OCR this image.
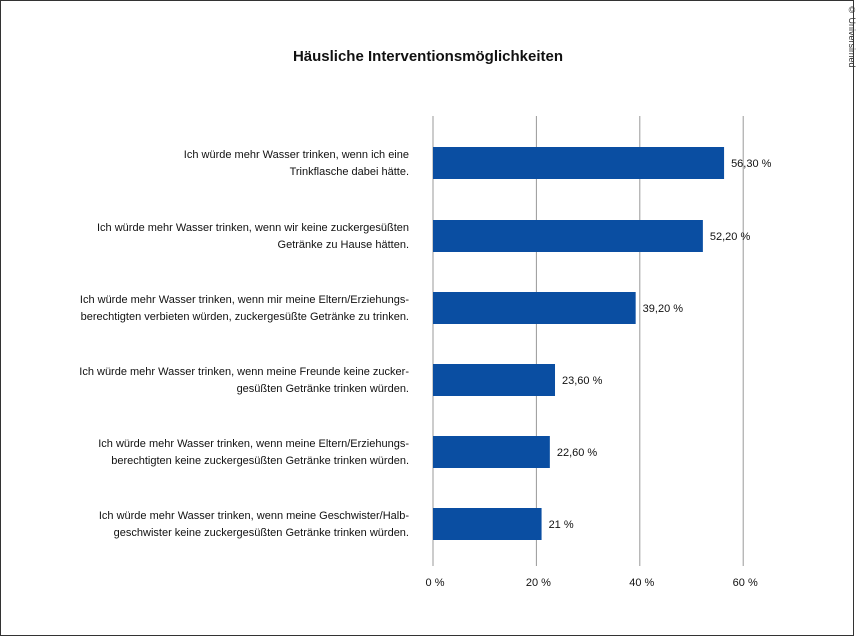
Häusliche Interventionsmöglichkeiten	© Universimed
Ich würde mehr Wasser trinken, wenn ich eine
Trinkflasche dabei hätte.
Ich würde mehr Wasser trinken, wenn wir keine zuckergesüßten
Getränke zu Hause hätten.
Ich würde mehr Wasser trinken, wenn mir meine Eltern/Erziehungs-
berechtigten verbieten würden, zuckergesüßte Getränke zu trinken.
Ich würde mehr Wasser trinken, wenn meine Freunde keine zucker-
gesüßten Getränke trinken würden.
Ich würde mehr Wasser trinken, wenn meine Eltern/Erziehungs-
berechtigten keine zuckergesüßten Getränke trinken würden.
Ich würde mehr Wasser trinken, wenn meine Geschwister/Halb-
geschwister keine zuckergesüßten Getränke trinken würden.
0 %	20 %	40 %	60 %
56,30 %
52,20 %
39,20 %
23,60 %
22,60 %
21 %
